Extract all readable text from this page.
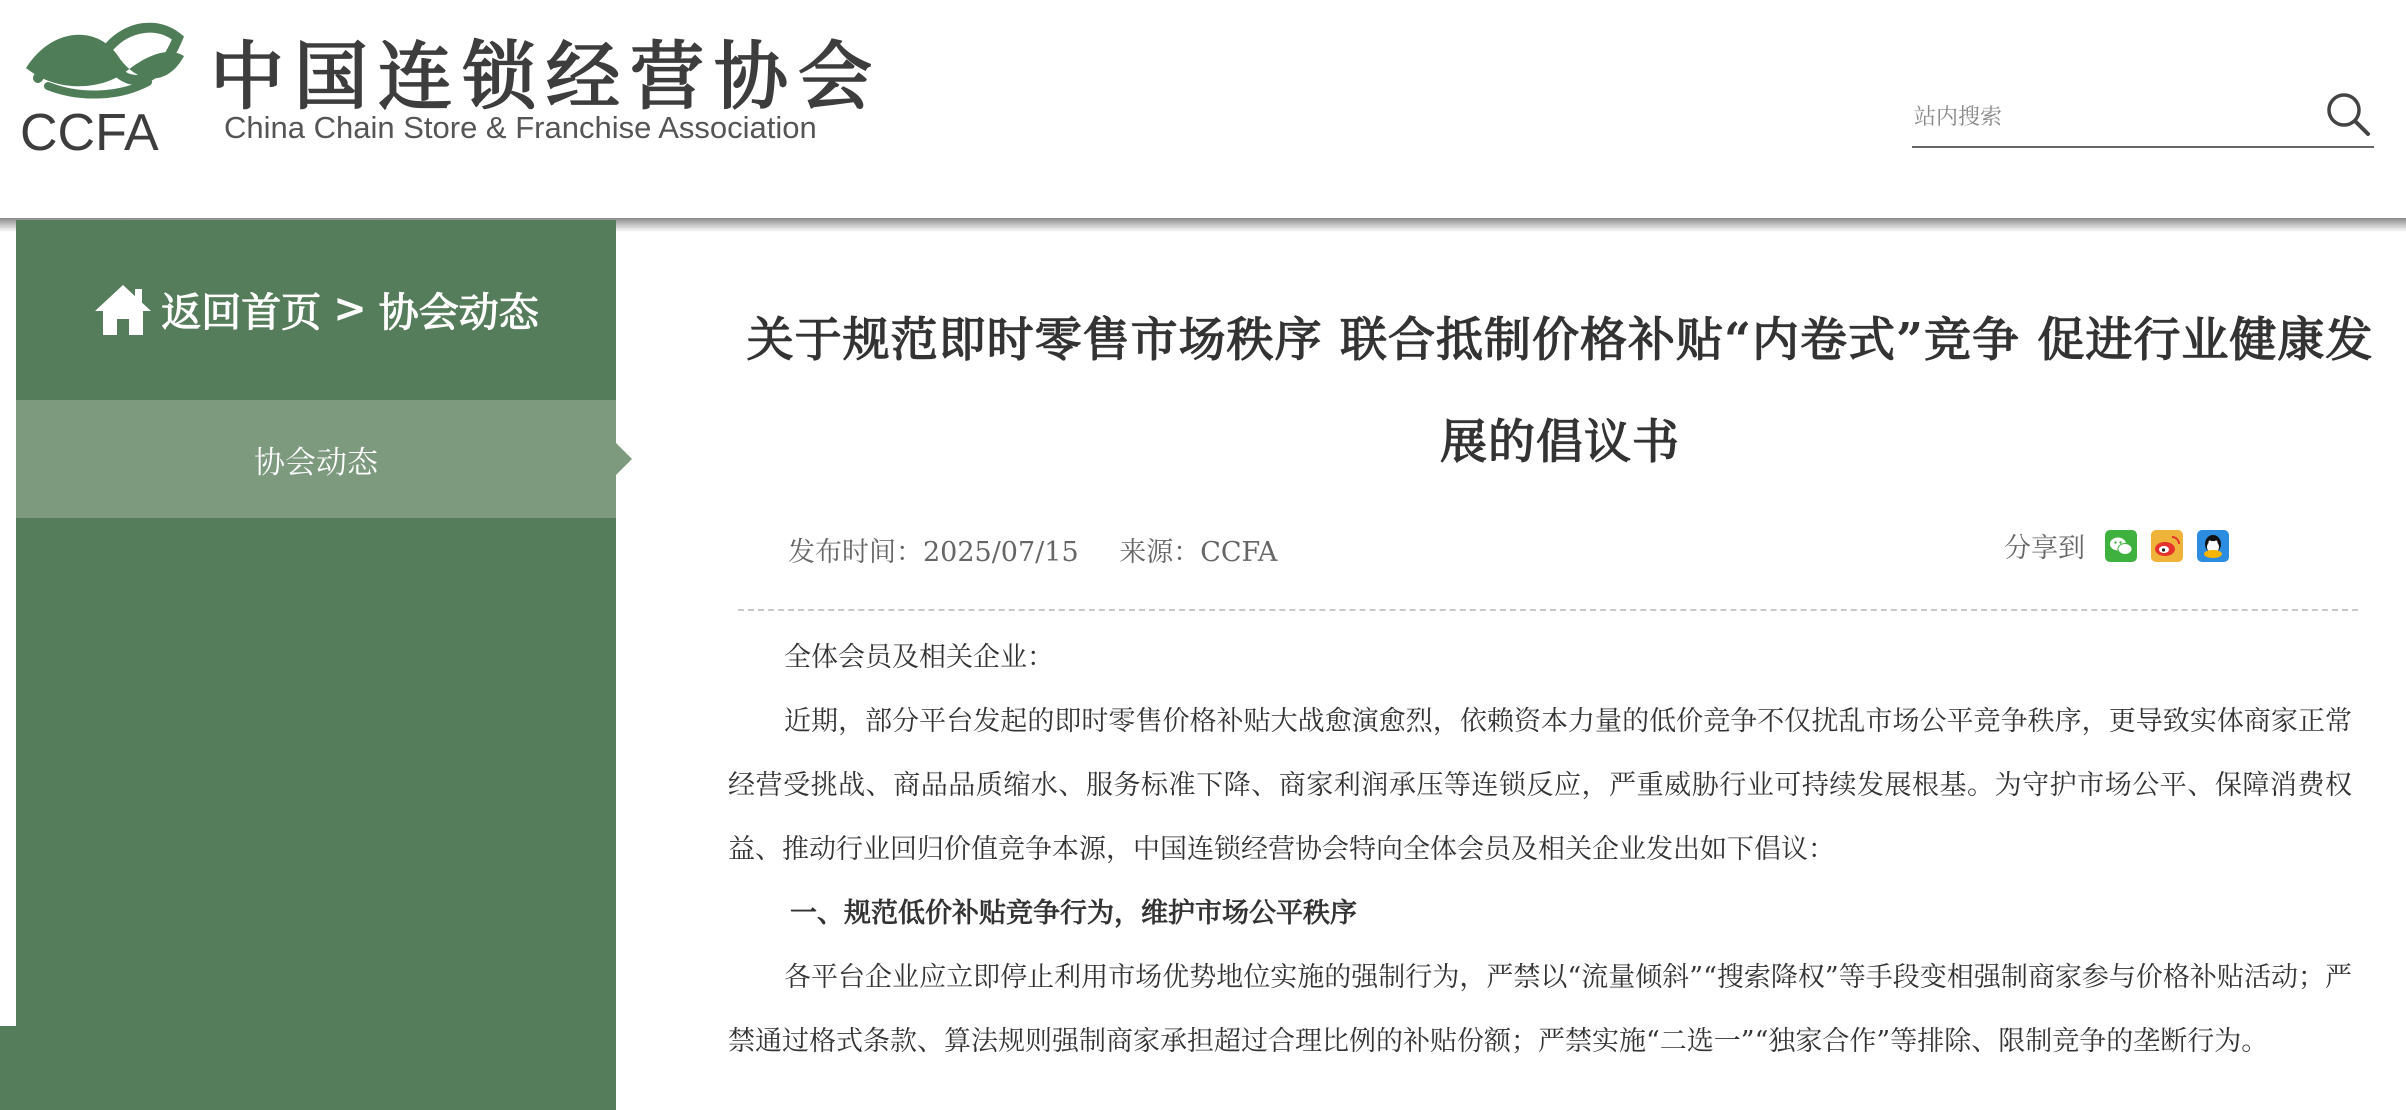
CCFA
中国连锁经营协会
China Chain Store & Franchise Association
站内搜索
返回首页 > 协会动态
协会动态
关于规范即时零售市场秩序 联合抵制价格补贴“内卷式”竞争 促进行业健康发展的倡议书
发布时间：2025/07/15 来源：CCFA	分享到

全体会员及相关企业：

近期，部分平台发起的即时零售价格补贴大战愈演愈烈，依赖资本力量的低价竞争不仅扰乱市场公平竞争秩序，更导致实体商家正常经营受挑战、商品品质缩水、服务标准下降、商家利润承压等连锁反应，严重威胁行业可持续发展根基。为守护市场公平、保障消费权益、推动行业回归价值竞争本源，中国连锁经营协会特向全体会员及相关企业发出如下倡议：

一、规范低价补贴竞争行为，维护市场公平秩序

各平台企业应立即停止利用市场优势地位实施的强制行为，严禁以“流量倾斜”“搜索降权”等手段变相强制商家参与价格补贴活动；严禁通过格式条款、算法规则强制商家承担超过合理比例的补贴份额；严禁实施“二选一”“独家合作”等排除、限制竞争的垄断行为。
